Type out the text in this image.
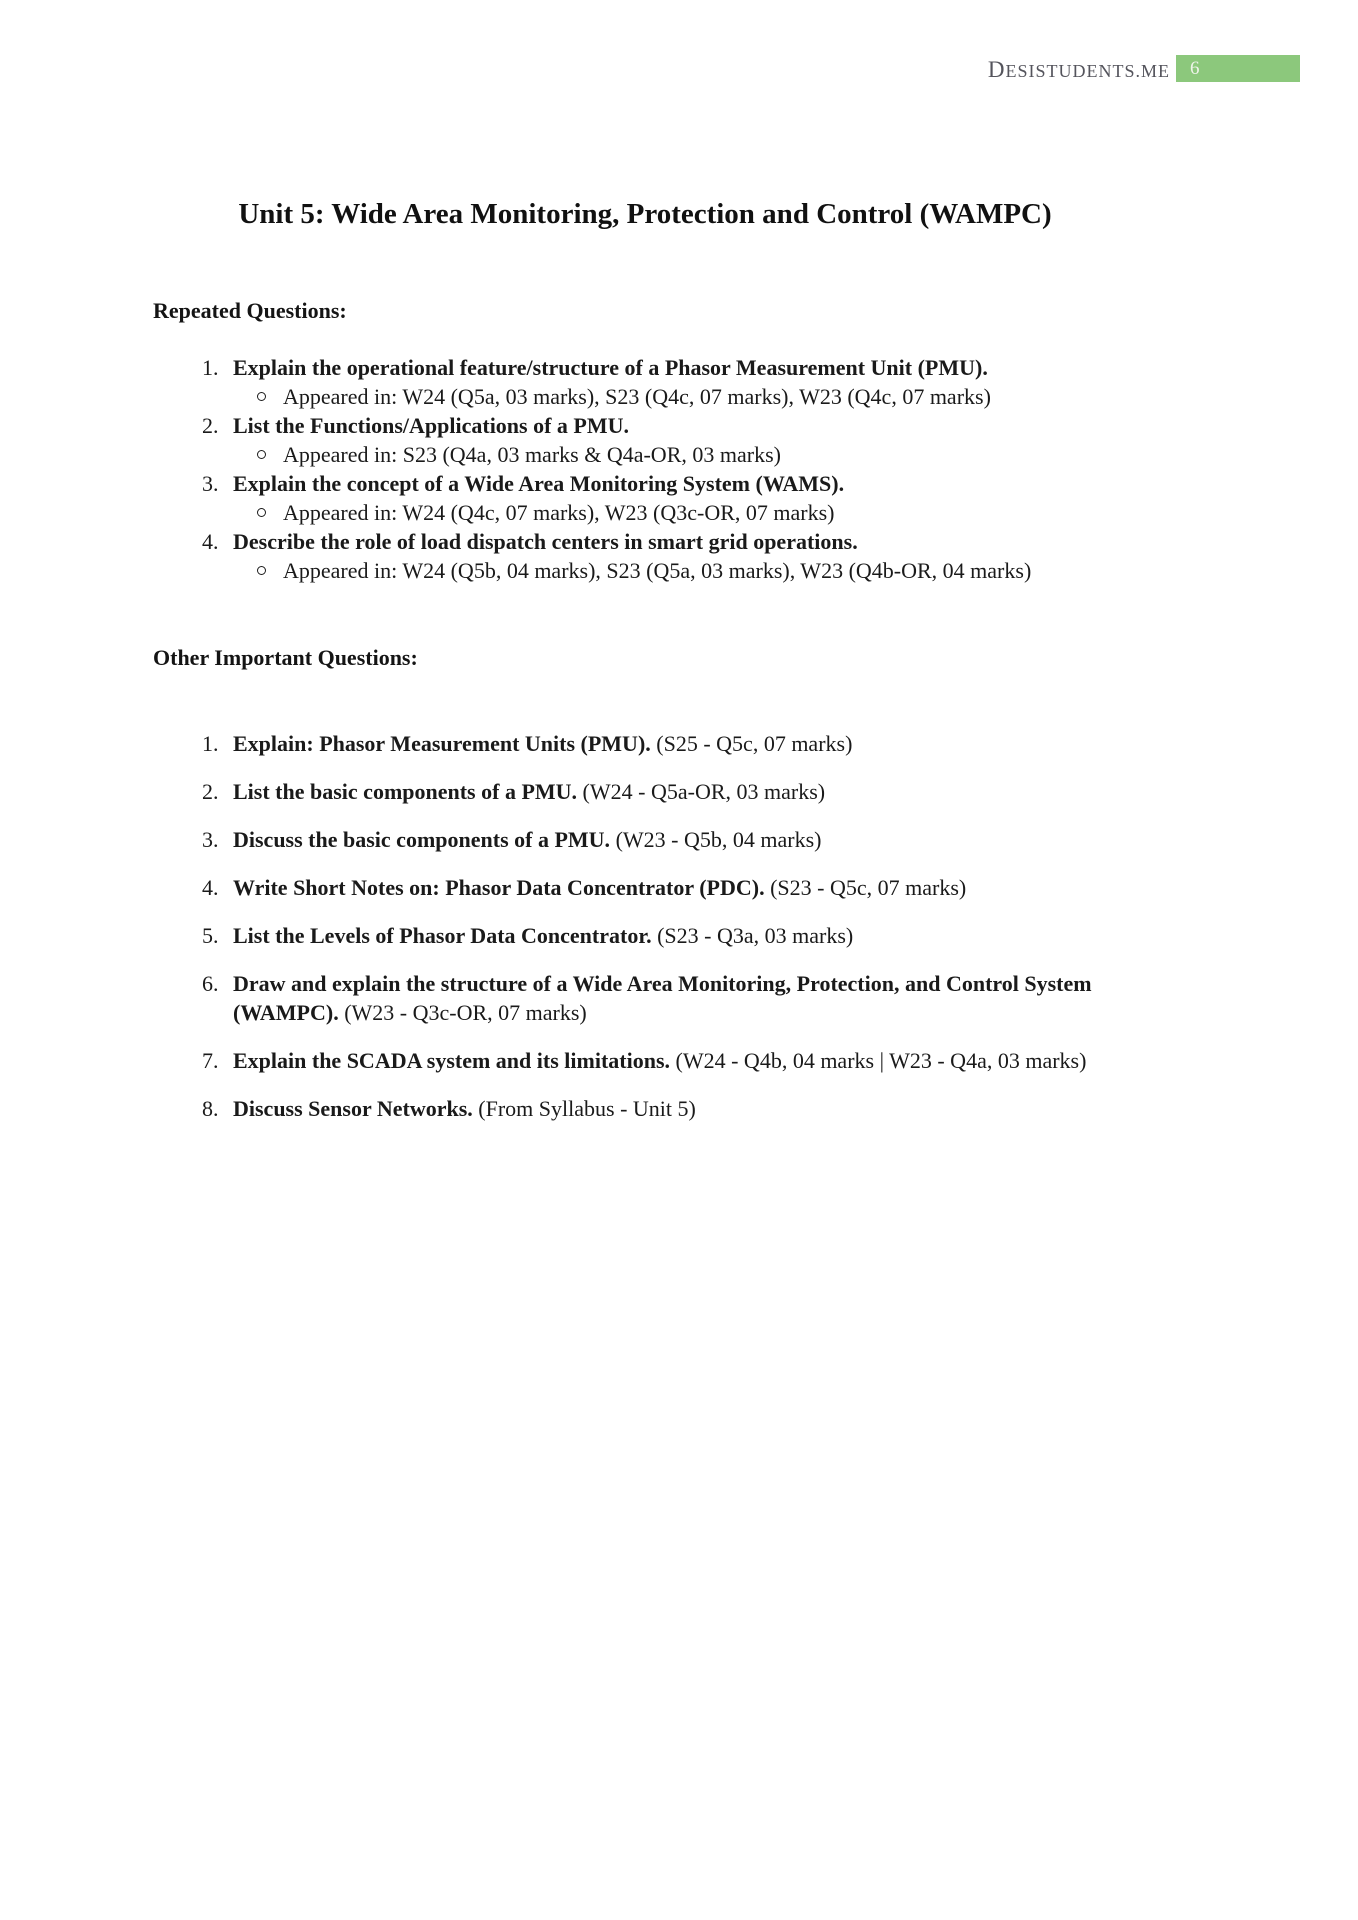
DESISTUDENTS.ME	6
Unit 5: Wide Area Monitoring, Protection and Control (WAMPC)
Repeated Questions:
1. Explain the operational feature/structure of a Phasor Measurement Unit (PMU).
Appeared in: W24 (Q5a, 03 marks), S23 (Q4c, 07 marks), W23 (Q4c, 07 marks)
2. List the Functions/Applications of a PMU.
Appeared in: S23 (Q4a, 03 marks & Q4a-OR, 03 marks)
3. Explain the concept of a Wide Area Monitoring System (WAMS).
Appeared in: W24 (Q4c, 07 marks), W23 (Q3c-OR, 07 marks)
4. Describe the role of load dispatch centers in smart grid operations.
Appeared in: W24 (Q5b, 04 marks), S23 (Q5a, 03 marks), W23 (Q4b-OR, 04 marks)
Other Important Questions:
1. Explain: Phasor Measurement Units (PMU). (S25 - Q5c, 07 marks)
2. List the basic components of a PMU. (W24 - Q5a-OR, 03 marks)
3. Discuss the basic components of a PMU. (W23 - Q5b, 04 marks)
4. Write Short Notes on: Phasor Data Concentrator (PDC). (S23 - Q5c, 07 marks)
5. List the Levels of Phasor Data Concentrator. (S23 - Q3a, 03 marks)
6. Draw and explain the structure of a Wide Area Monitoring, Protection, and Control System (WAMPC). (W23 - Q3c-OR, 07 marks)
7. Explain the SCADA system and its limitations. (W24 - Q4b, 04 marks | W23 - Q4a, 03 marks)
8. Discuss Sensor Networks. (From Syllabus - Unit 5)
